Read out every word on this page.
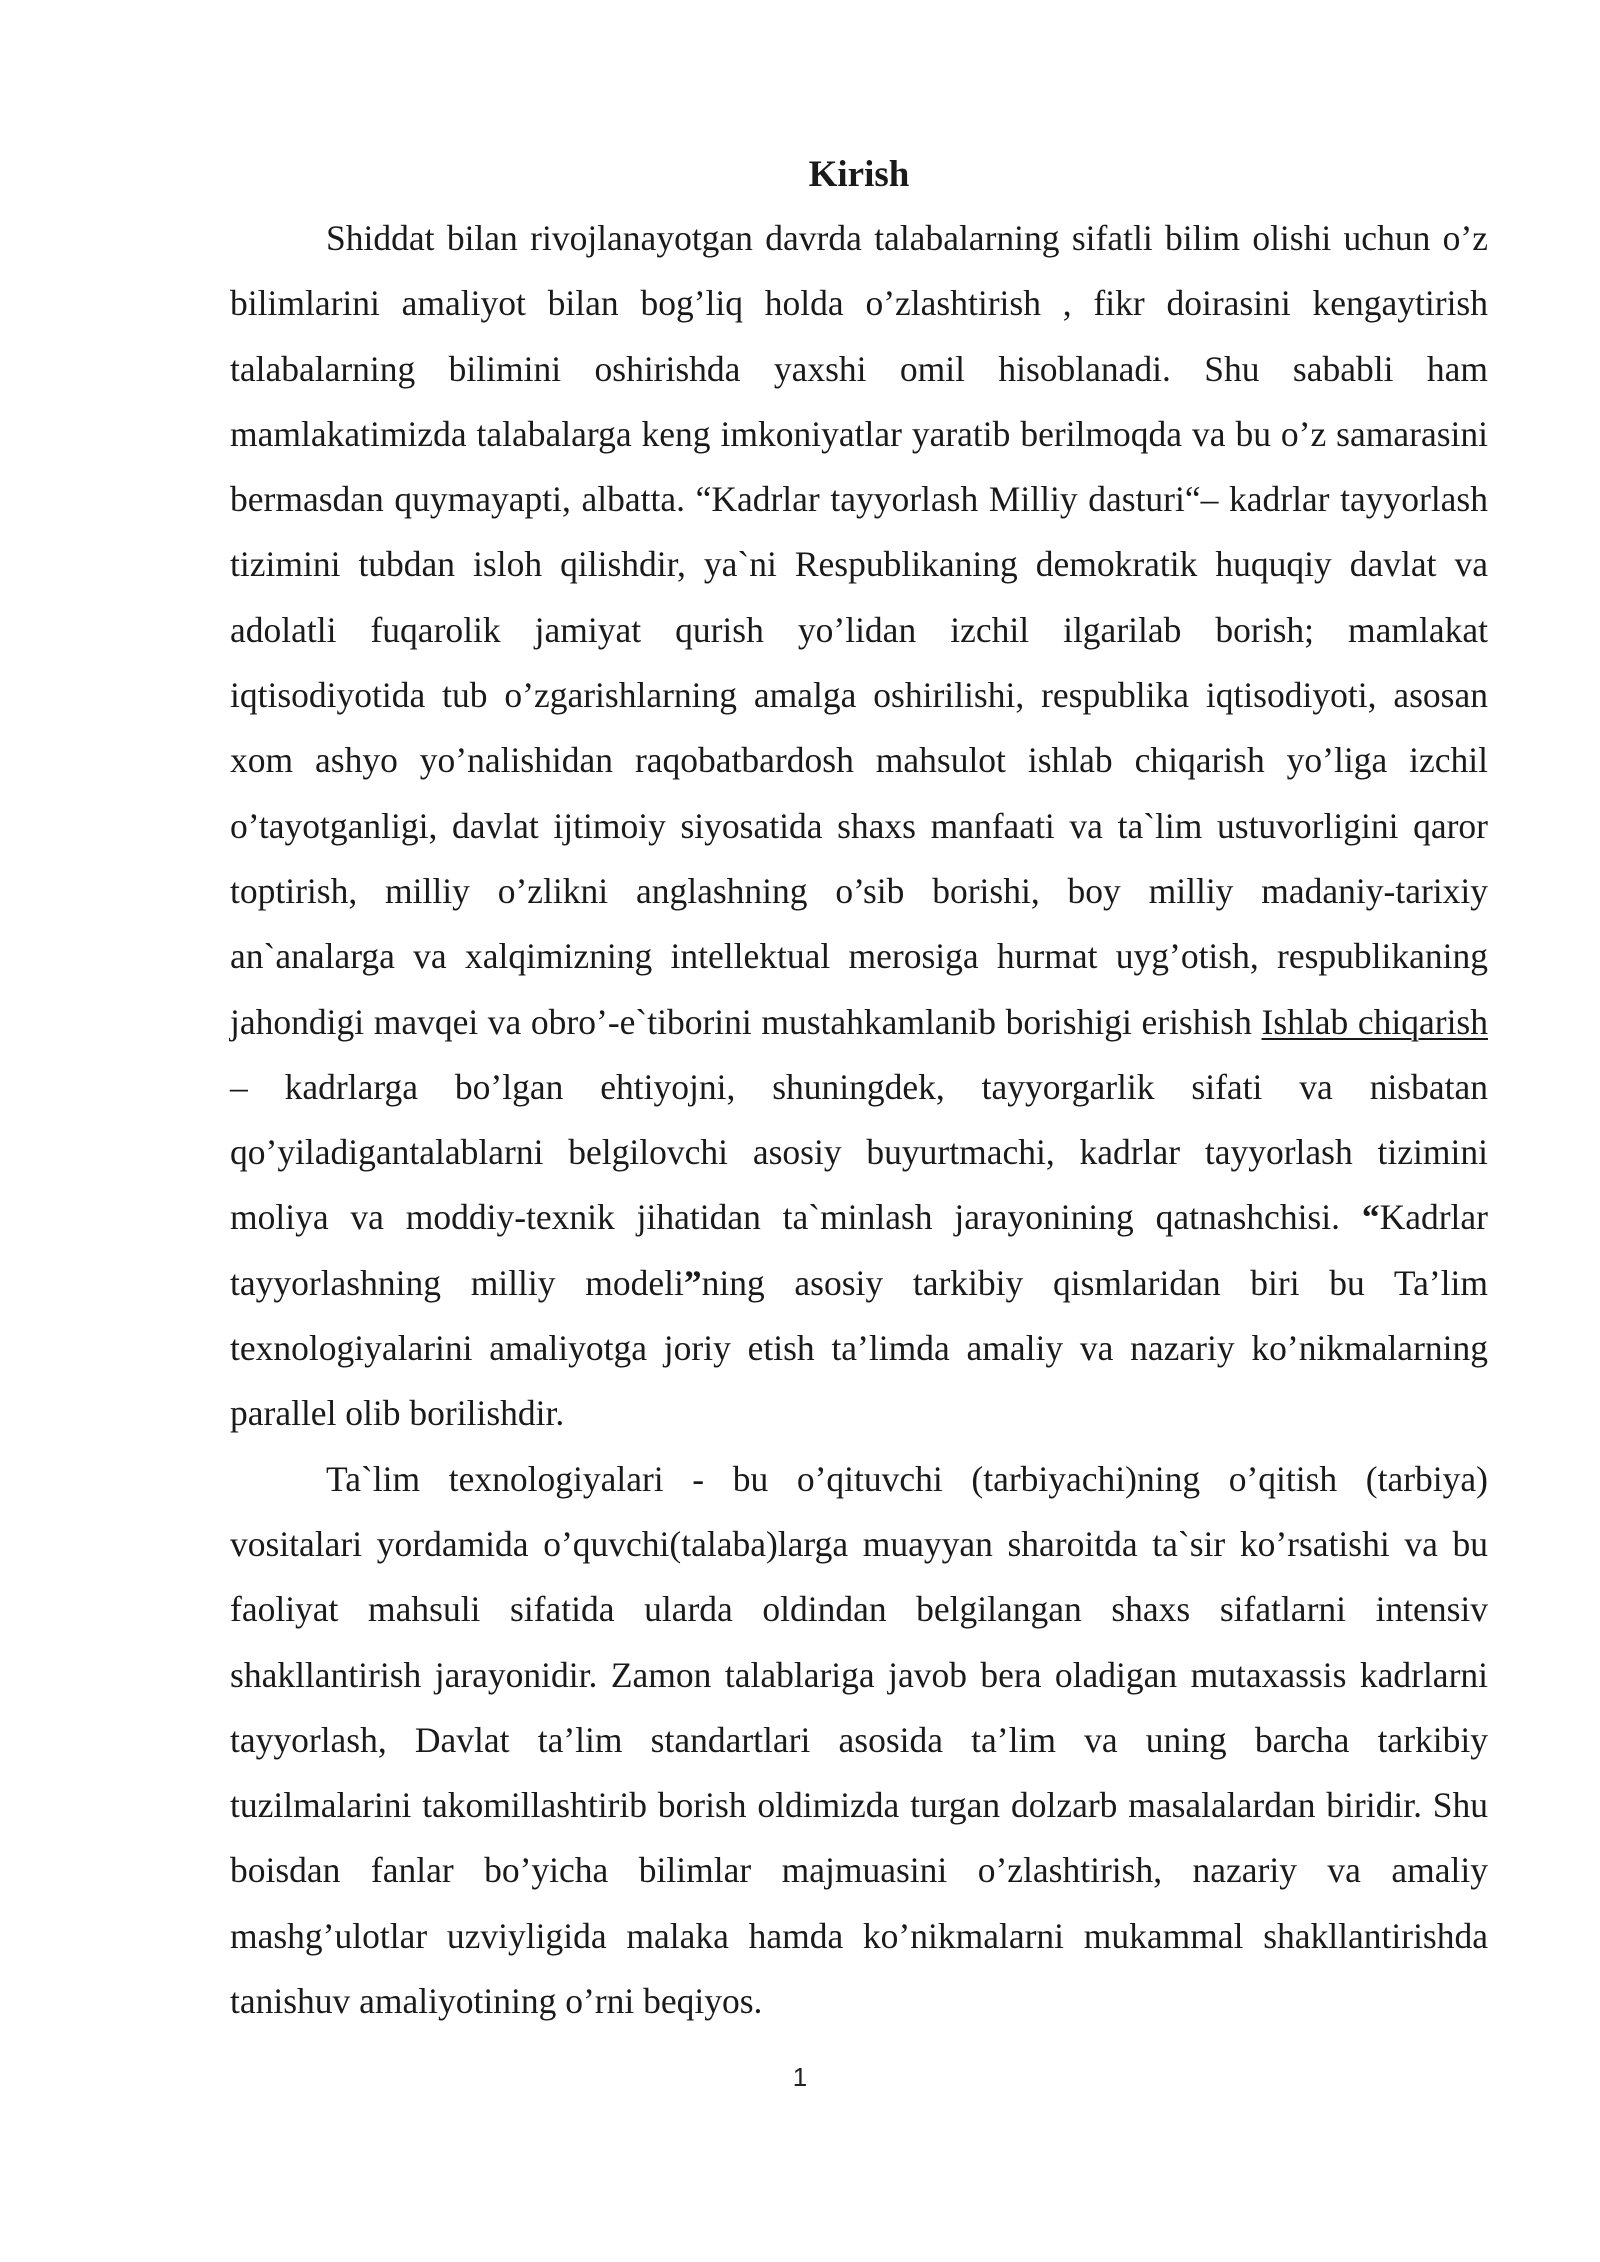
Kirish

Shiddat bilan rivojlanayotgan davrda talabalarning sifatli bilim olishi uchun o’z bilimlarini amaliyot bilan bog’liq holda o’zlashtirish , fikr doirasini kengaytirish talabalarning bilimini oshirishda yaxshi omil hisoblanadi. Shu sababli ham mamlakatimizda talabalarga keng imkoniyatlar yaratib berilmoqda va bu o’z samarasini bermasdan quymayapti, albatta. “Kadrlar tayyorlash Milliy dasturi“– kadrlar tayyorlash tizimini tubdan isloh qilishdir, ya`ni Respublikaning demokratik huquqiy davlat va adolatli fuqarolik jamiyat qurish yo’lidan izchil ilgarilab borish; mamlakat iqtisodiyotida tub o’zgarishlarning amalga oshirilishi, respublika iqtisodiyoti, asosan xom ashyo yo’nalishidan raqobatbardosh mahsulot ishlab chiqarish yo’liga izchil o’tayotganligi, davlat ijtimoiy siyosatida shaxs manfaati va ta`lim ustuvorligini qaror toptirish, milliy o’zlikni anglashning o’sib borishi, boy milliy madaniy-tarixiy an`analarga va xalqimizning intellektual merosiga hurmat uyg’otish, respublikaning jahondigi mavqei va obro’-e`tiborini mustahkamlanib borishigi erishish Ishlab chiqarish – kadrlarga bo’lgan ehtiyojni, shuningdek, tayyorgarlik sifati va nisbatan qo’yiladigantalablarni belgilovchi asosiy buyurtmachi, kadrlar tayyorlash tizimini moliya va moddiy-texnik jihatidan ta`minlash jarayonining qatnashchisi. “Kadrlar tayyorlashning milliy modeli”ning asosiy tarkibiy qismlaridan biri bu Ta’lim texnologiyalarini amaliyotga joriy etish ta’limda amaliy va nazariy ko’nikmalarning parallel olib borilishdir.

Ta`lim texnologiyalari - bu o’qituvchi (tarbiyachi)ning o’qitish (tarbiya) vositalari yordamida o’quvchi(talaba)larga muayyan sharoitda ta`sir ko’rsatishi va bu faoliyat mahsuli sifatida ularda oldindan belgilangan shaxs sifatlarni intensiv shakllantirish jarayonidir. Zamon talablariga javob bera oladigan mutaxassis kadrlarni tayyorlash, Davlat ta’lim standartlari asosida ta’lim va uning barcha tarkibiy tuzilmalarini takomillashtirib borish oldimizda turgan dolzarb masalalardan biridir. Shu boisdan fanlar bo’yicha bilimlar majmuasini o’zlashtirish, nazariy va amaliy mashg’ulotlar uzviyligida malaka hamda ko’nikmalarni mukammal shakllantirishda tanishuv amaliyotining o’rni beqiyos.

1
